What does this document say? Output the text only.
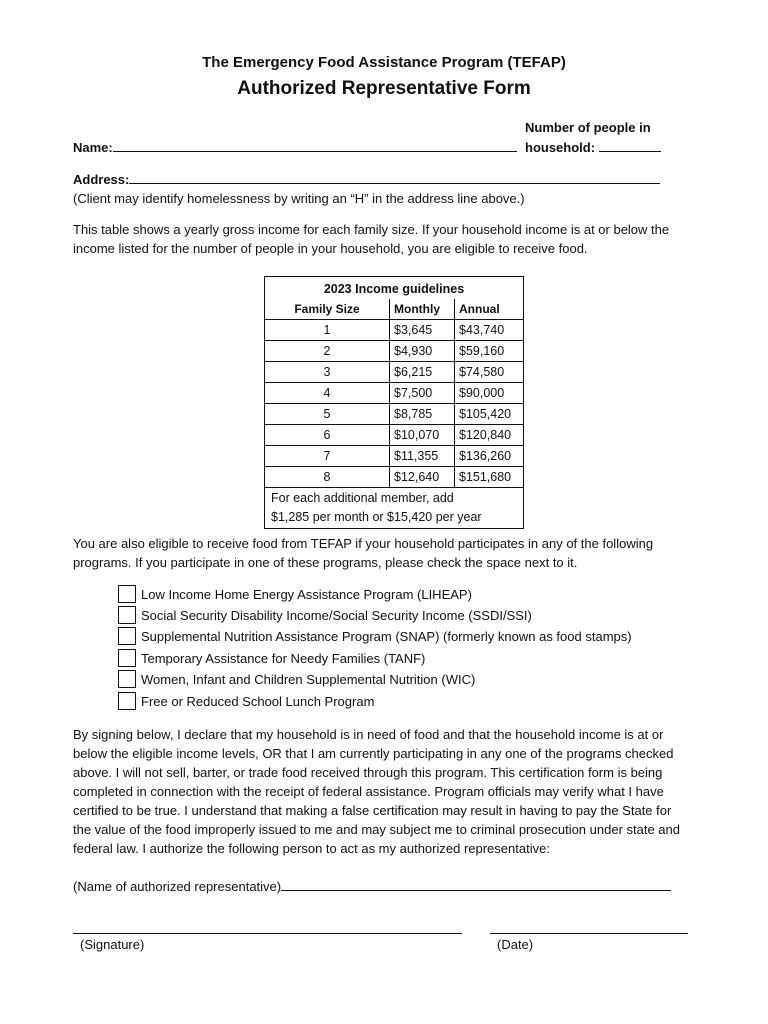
The Emergency Food Assistance Program (TEFAP)
Authorized Representative Form
Number of people in
household:
Name:
Address:
(Client may identify homelessness by writing an “H” in the address line above.)
This table shows a yearly gross income for each family size. If your household income is at or below the income listed for the number of people in your household, you are eligible to receive food.
2023 Income guidelines		
Family Size	Monthly	Annual
1	$3,645	$43,740
2	$4,930	$59,160
3	$6,215	$74,580
4	$7,500	$90,000
5	$8,785	$105,420
6	$10,070	$120,840
7	$11,355	$136,260
8	$12,640	$151,680

For each additional member, add
$1,285 per month or $15,420 per year		
You are also eligible to receive food from TEFAP if your household participates in any of the following programs. If you participate in one of these programs, please check the space next to it.
Low Income Home Energy Assistance Program (LIHEAP)
Social Security Disability Income/Social Security Income (SSDI/SSI)
Supplemental Nutrition Assistance Program (SNAP) (formerly known as food stamps)
Temporary Assistance for Needy Families (TANF)
Women, Infant and Children Supplemental Nutrition (WIC)
Free or Reduced School Lunch Program
By signing below, I declare that my household is in need of food and that the household income is at or below the eligible income levels, OR that I am currently participating in any one of the programs checked above. I will not sell, barter, or trade food received through this program. This certification form is being completed in connection with the receipt of federal assistance. Program officials may verify what I have certified to be true. I understand that making a false certification may result in having to pay the State for the value of the food improperly issued to me and may subject me to criminal prosecution under state and federal law. I authorize the following person to act as my authorized representative:
(Name of authorized representative)
(Signature)	(Date)
